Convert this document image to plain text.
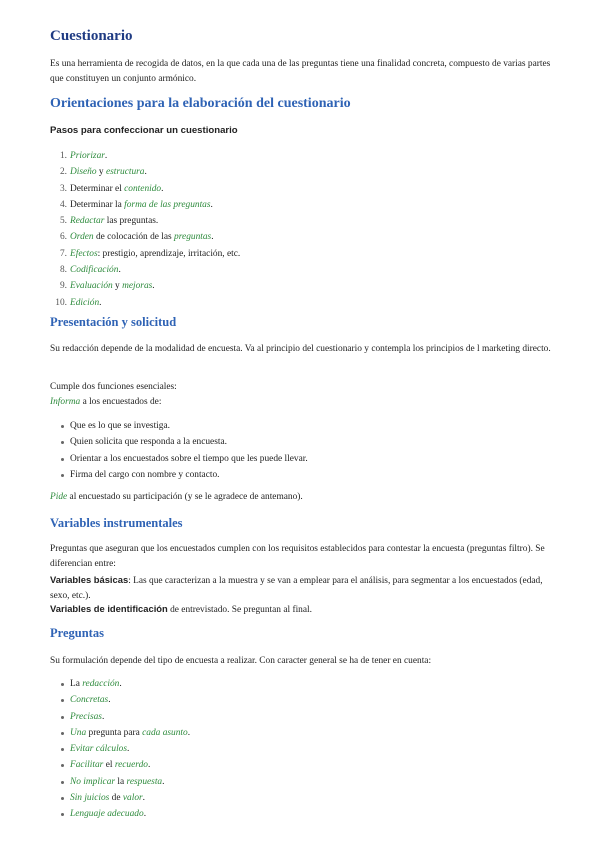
Cuestionario

Es una herramienta de recogida de datos, en la que cada una de las preguntas tiene una finalidad concreta, compuesto de varias partes que constituyen un conjunto armónico.

Orientaciones para la elaboración del cuestionario

Pasos para confeccionar un cuestionario

1. Priorizar.
2. Diseño y estructura.
3. Determinar el contenido.
4. Determinar la forma de las preguntas.
5. Redactar las preguntas.
6. Orden de colocación de las preguntas.
7. Efectos: prestigio, aprendizaje, irritación, etc.
8. Codificación.
9. Evaluación y mejoras.
10. Edición.
Presentación y solicitud

Su redacción depende de la modalidad de encuesta. Va al principio del cuestionario y contempla los principios de l marketing directo.

Cumple dos funciones esenciales:

Informa a los encuestados de:

Que es lo que se investiga.
Quien solicita que responda a la encuesta.
Orientar a los encuestados sobre el tiempo que les puede llevar.
Firma del cargo con nombre y contacto.

Pide al encuestado su participación (y se le agradece de antemano).

Variables instrumentales

Preguntas que aseguran que los encuestados cumplen con los requisitos establecidos para contestar la encuesta (preguntas filtro). Se diferencian entre:

Variables básicas: Las que caracterizan a la muestra y se van a emplear para el análisis, para segmentar a los encuestados (edad, sexo, etc.).

Variables de identificación de entrevistado. Se preguntan al final.

Preguntas

Su formulación depende del tipo de encuesta a realizar. Con caracter general se ha de tener en cuenta:

La redacción.
Concretas.
Precisas.
Una pregunta para cada asunto.
Evitar cálculos.
Facilitar el recuerdo.
No implicar la respuesta.
Sin juicios de valor.
Lenguaje adecuado.
